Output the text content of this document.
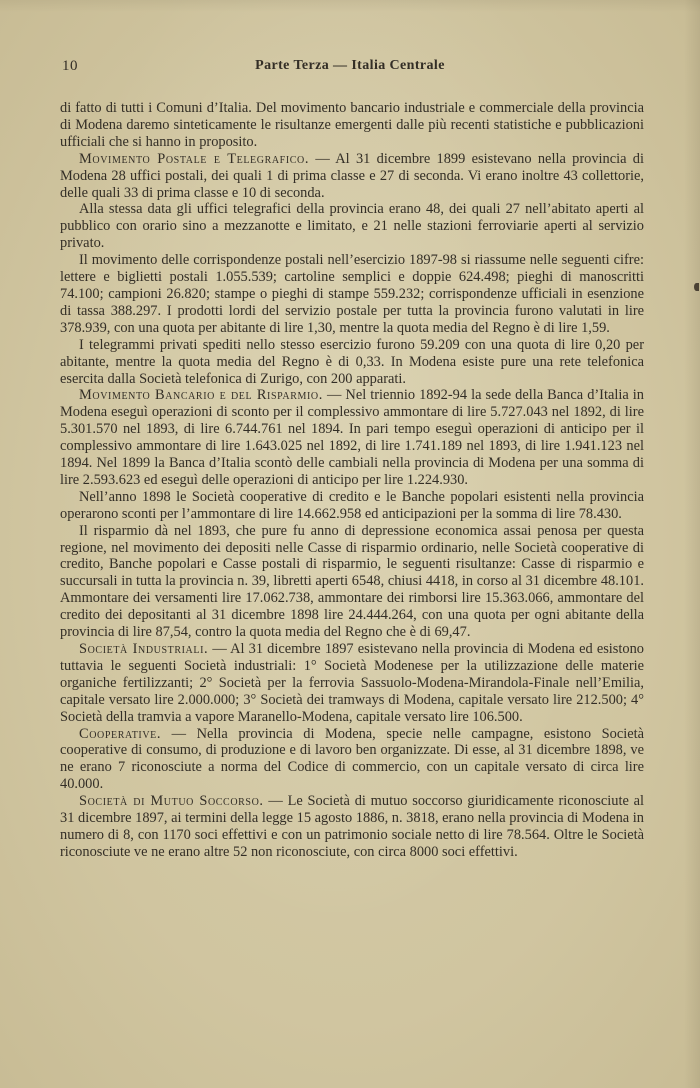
10	Parte Terza — Italia Centrale

di fatto di tutti i Comuni d’Italia. Del movimento bancario industriale e commerciale della provincia di Modena daremo sinteticamente le risultanze emergenti dalle più recenti statistiche e pubblicazioni ufficiali che si hanno in proposito.

Movimento Postale e Telegrafico. — Al 31 dicembre 1899 esistevano nella provincia di Modena 28 uffici postali, dei quali 1 di prima classe e 27 di seconda. Vi erano inoltre 43 collettorie, delle quali 33 di prima classe e 10 di seconda.

Alla stessa data gli uffici telegrafici della provincia erano 48, dei quali 27 nell’abitato aperti al pubblico con orario sino a mezzanotte e limitato, e 21 nelle stazioni ferroviarie aperti al servizio privato.

Il movimento delle corrispondenze postali nell’esercizio 1897-98 si riassume nelle seguenti cifre: lettere e biglietti postali 1.055.539; cartoline semplici e doppie 624.498; pieghi di manoscritti 74.100; campioni 26.820; stampe o pieghi di stampe 559.232; corrispondenze ufficiali in esenzione di tassa 388.297. I prodotti lordi del servizio postale per tutta la provincia furono valutati in lire 378.939, con una quota per abitante di lire 1,30, mentre la quota media del Regno è di lire 1,59.

I telegrammi privati spediti nello stesso esercizio furono 59.209 con una quota di lire 0,20 per abitante, mentre la quota media del Regno è di 0,33. In Modena esiste pure una rete telefonica esercita dalla Società telefonica di Zurigo, con 200 apparati.

Movimento Bancario e del Risparmio. — Nel triennio 1892-94 la sede della Banca d’Italia in Modena eseguì operazioni di sconto per il complessivo ammontare di lire 5.727.043 nel 1892, di lire 5.301.570 nel 1893, di lire 6.744.761 nel 1894. In pari tempo eseguì operazioni di anticipo per il complessivo ammontare di lire 1.643.025 nel 1892, di lire 1.741.189 nel 1893, di lire 1.941.123 nel 1894. Nel 1899 la Banca d’Italia scontò delle cambiali nella provincia di Modena per una somma di lire 2.593.623 ed eseguì delle operazioni di anticipo per lire 1.224.930.

Nell’anno 1898 le Società cooperative di credito e le Banche popolari esistenti nella provincia operarono sconti per l’ammontare di lire 14.662.958 ed anticipazioni per la somma di lire 78.430.

Il risparmio dà nel 1893, che pure fu anno di depressione economica assai penosa per questa regione, nel movimento dei depositi nelle Casse di risparmio ordinario, nelle Società cooperative di credito, Banche popolari e Casse postali di risparmio, le seguenti risultanze: Casse di risparmio e succursali in tutta la provincia n. 39, libretti aperti 6548, chiusi 4418, in corso al 31 dicembre 48.101. Ammontare dei versamenti lire 17.062.738, ammontare dei rimborsi lire 15.363.066, ammontare del credito dei depositanti al 31 dicembre 1898 lire 24.444.264, con una quota per ogni abitante della provincia di lire 87,54, contro la quota media del Regno che è di 69,47.

Società Industriali. — Al 31 dicembre 1897 esistevano nella provincia di Modena ed esistono tuttavia le seguenti Società industriali: 1° Società Modenese per la utilizzazione delle materie organiche fertilizzanti; 2° Società per la ferrovia Sassuolo-Modena-Mirandola-Finale nell’Emilia, capitale versato lire 2.000.000; 3° Società dei tramways di Modena, capitale versato lire 212.500; 4° Società della tramvia a vapore Maranello-Modena, capitale versato lire 106.500.

Cooperative. — Nella provincia di Modena, specie nelle campagne, esistono Società cooperative di consumo, di produzione e di lavoro ben organizzate. Di esse, al 31 dicembre 1898, ve ne erano 7 riconosciute a norma del Codice di commercio, con un capitale versato di circa lire 40.000.

Società di Mutuo Soccorso. — Le Società di mutuo soccorso giuridicamente riconosciute al 31 dicembre 1897, ai termini della legge 15 agosto 1886, n. 3818, erano nella provincia di Modena in numero di 8, con 1170 soci effettivi e con un patrimonio sociale netto di lire 78.564. Oltre le Società riconosciute ve ne erano altre 52 non riconosciute, con circa 8000 soci effettivi.
